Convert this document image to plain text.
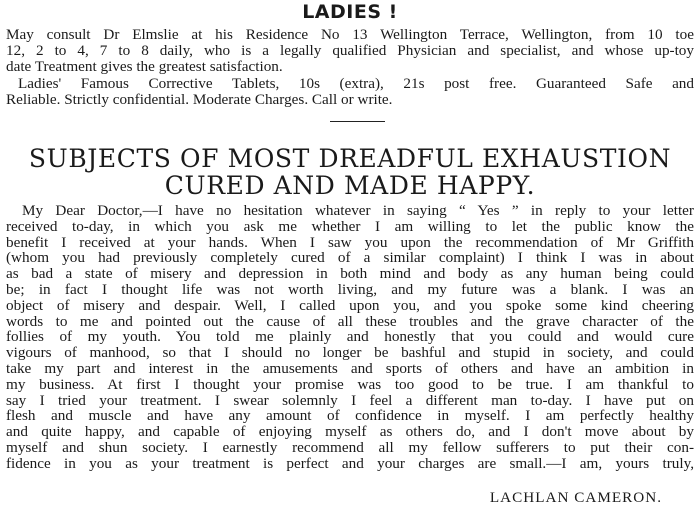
LADIES !
May consult Dr Elmslie at his Residence No 13 Wellington Terrace, Wellington, from 10 toe
12, 2 to 4, 7 to 8 daily, who is a legally qualified Physician and specialist, and whose up-toy
date Treatment gives the greatest satisfaction.
Ladies' Famous Corrective Tablets, 10s (extra), 21s post free. Guaranteed Safe and
Reliable. Strictly confidential. Moderate Charges. Call or write.
SUBJECTS OF MOST DREADFUL EXHAUSTION
CURED AND MADE HAPPY.
My Dear Doctor,—I have no hesitation whatever in saying “ Yes ” in reply to your letter
received to-day, in which you ask me whether I am willing to let the public know the
benefit I received at your hands. When I saw you upon the recommendation of Mr Griffith
(whom you had previously completely cured of a similar complaint) I think I was in about
as bad a state of misery and depression in both mind and body as any human being could
be; in fact I thought life was not worth living, and my future was a blank. I was an
object of misery and despair. Well, I called upon you, and you spoke some kind cheering
words to me and pointed out the cause of all these troubles and the grave character of the
follies of my youth. You told me plainly and honestly that you could and would cure
vigours of manhood, so that I should no longer be bashful and stupid in society, and could
take my part and interest in the amusements and sports of others and have an ambition in
my business. At first I thought your promise was too good to be true. I am thankful to
say I tried your treatment. I swear solemnly I feel a different man to-day. I have put on
flesh and muscle and have any amount of confidence in myself. I am perfectly healthy
and quite happy, and capable of enjoying myself as others do, and I don't move about by
myself and shun society. I earnestly recommend all my fellow sufferers to put their con-
fidence in you as your treatment is perfect and your charges are small.—I am, yours truly,
LACHLAN CAMERON.
